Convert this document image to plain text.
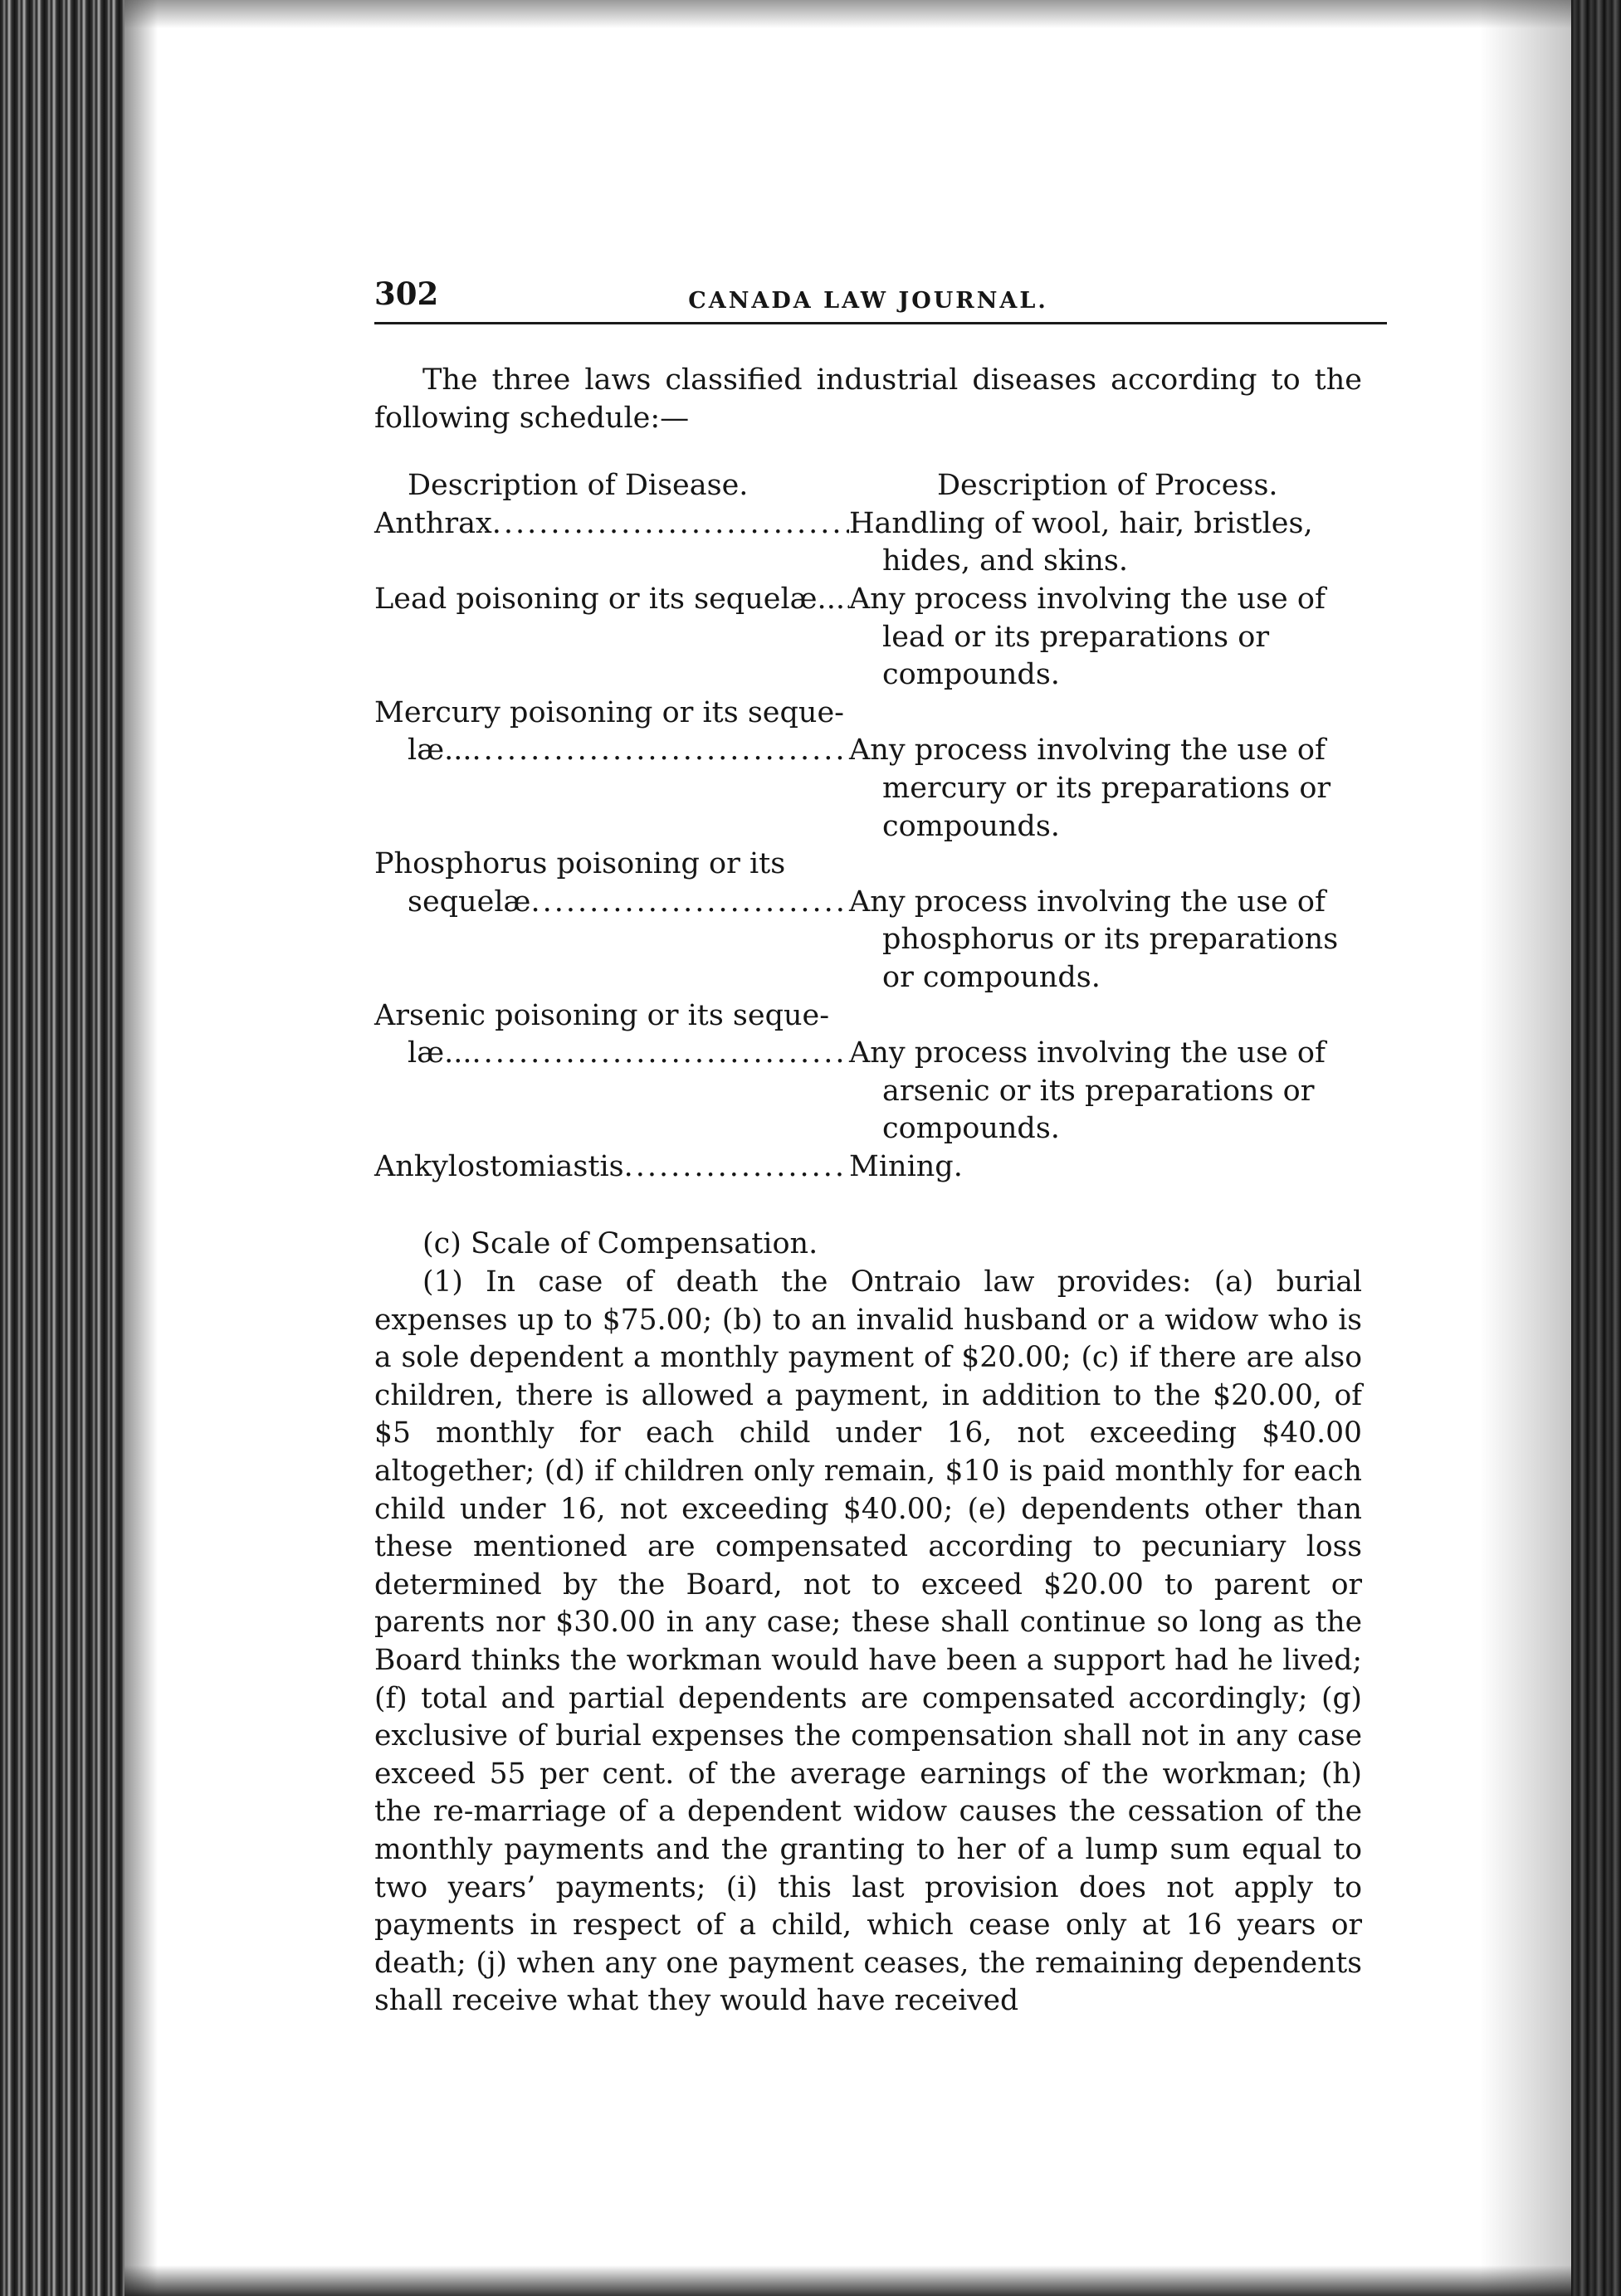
302	CANADA LAW JOURNAL.
The three laws classified industrial diseases according to the following schedule:—
Description of Disease.	Description of Process.
Anthrax .....	Handling of wool, hair, bristles,
hides, and skins.
Lead poisoning or its sequelæ... ..... Any process involving the use of
lead or its preparations or compounds.
Mercury poisoning or its seque-
læ... .....	Any process involving the use of
mercury or its preparations or compounds.
Phosphorus poisoning or its
sequelæ .....	Any process involving the use of
phosphorus or its preparations or compounds.
Arsenic poisoning or its seque-
læ... .....	Any process involving the use of
arsenic or its preparations or compounds.
Ankylostomiastis .....	Mining.
(c) Scale of Compensation.
(1) In case of death the Ontraio law provides: (a) burial expenses up to $75.00; (b) to an invalid husband or a widow who is a sole dependent a monthly payment of $20.00; (c) if there are also children, there is allowed a payment, in addition to the $20.00, of $5 monthly for each child under 16, not exceeding $40.00 altogether; (d) if children only remain, $10 is paid monthly for each child under 16, not exceeding $40.00; (e) dependents other than these mentioned are compensated according to pecuniary loss determined by the Board, not to exceed $20.00 to parent or parents nor $30.00 in any case; these shall continue so long as the Board thinks the workman would have been a support had he lived; (f) total and partial dependents are compensated accordingly; (g) exclusive of burial expenses the compensation shall not in any case exceed 55 per cent. of the average earnings of the workman; (h) the re-marriage of a dependent widow causes the cessation of the monthly payments and the granting to her of a lump sum equal to two years’ payments; (i) this last provision does not apply to payments in respect of a child, which cease only at 16 years or death; (j) when any one payment ceases, the remaining dependents shall receive what they would have received
